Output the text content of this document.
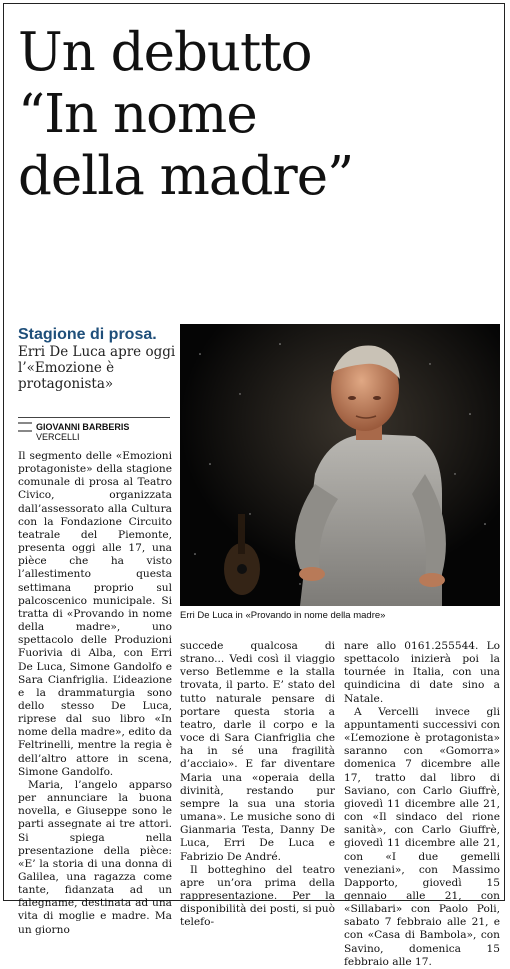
Un debutto
“In nome
della madre”
Stagione di prosa.
Erri De Luca apre oggi l’«Emozione è protagonista»
GIOVANNI BARBERIS
VERCELLI
Erri De Luca in «Provando in nome della madre»

Il segmento delle «Emozioni protagoniste» della stagione comunale di prosa al Teatro Civico, organizzata dall’assessorato alla Cultura con la Fondazione Circuito teatrale del Piemonte, presenta oggi alle 17, una pièce che ha visto l’allestimento questa settimana proprio sul palcoscenico municipale. Si tratta di «Provando in nome della madre», uno spettacolo delle Produzioni Fuorivia di Alba, con Erri De Luca, Simone Gandolfo e Sara Cianfriglia. L’ideazione e la drammaturgia sono dello stesso De Luca, riprese dal suo libro «In nome della madre», edito da Feltrinelli, mentre la regia è dell’altro attore in scena, Simone Gandolfo.

Maria, l’angelo apparso per annunciare la buona novella, e Giuseppe sono le parti assegnate ai tre attori. Si spiega nella presentazione della pièce: «E’ la storia di una donna di Galilea, una ragazza come tante, fidanzata ad un falegname, destinata ad una vita di moglie e madre. Ma un giorno

succede qualcosa di strano... Vedi così il viaggio verso Betlemme e la stalla trovata, il parto. E’ stato del tutto naturale pensare di portare questa storia a teatro, darle il corpo e la voce di Sara Cianfriglia che ha in sé una fragilità d’acciaio». E far diventare Maria una «operaia della divinità, restando pur sempre la sua una storia umana». Le musiche sono di Gianmaria Testa, Danny De Luca, Erri De Luca e Fabrizio De André.

Il botteghino del teatro apre un’ora prima della rappresentazione. Per la disponibilità dei posti, si può telefo-

nare allo 0161.255544. Lo spettacolo inizierà poi la tournée in Italia, con una quindicina di date sino a Natale.

A Vercelli invece gli appuntamenti successivi con «L’emozione è protagonista» saranno con «Gomorra» domenica 7 dicembre alle 17, tratto dal libro di Saviano, con Carlo Giuffrè, giovedì 11 dicembre alle 21, con «Il sindaco del rione sanità», con Carlo Giuffrè, giovedì 11 dicembre alle 21, con «I due gemelli veneziani», con Massimo Dapporto, giovedì 15 gennaio alle 21, con «Sillabari» con Paolo Poli, sabato 7 febbraio alle 21, e con «Casa di Bambola», con Savino, domenica 15 febbraio alle 17.
